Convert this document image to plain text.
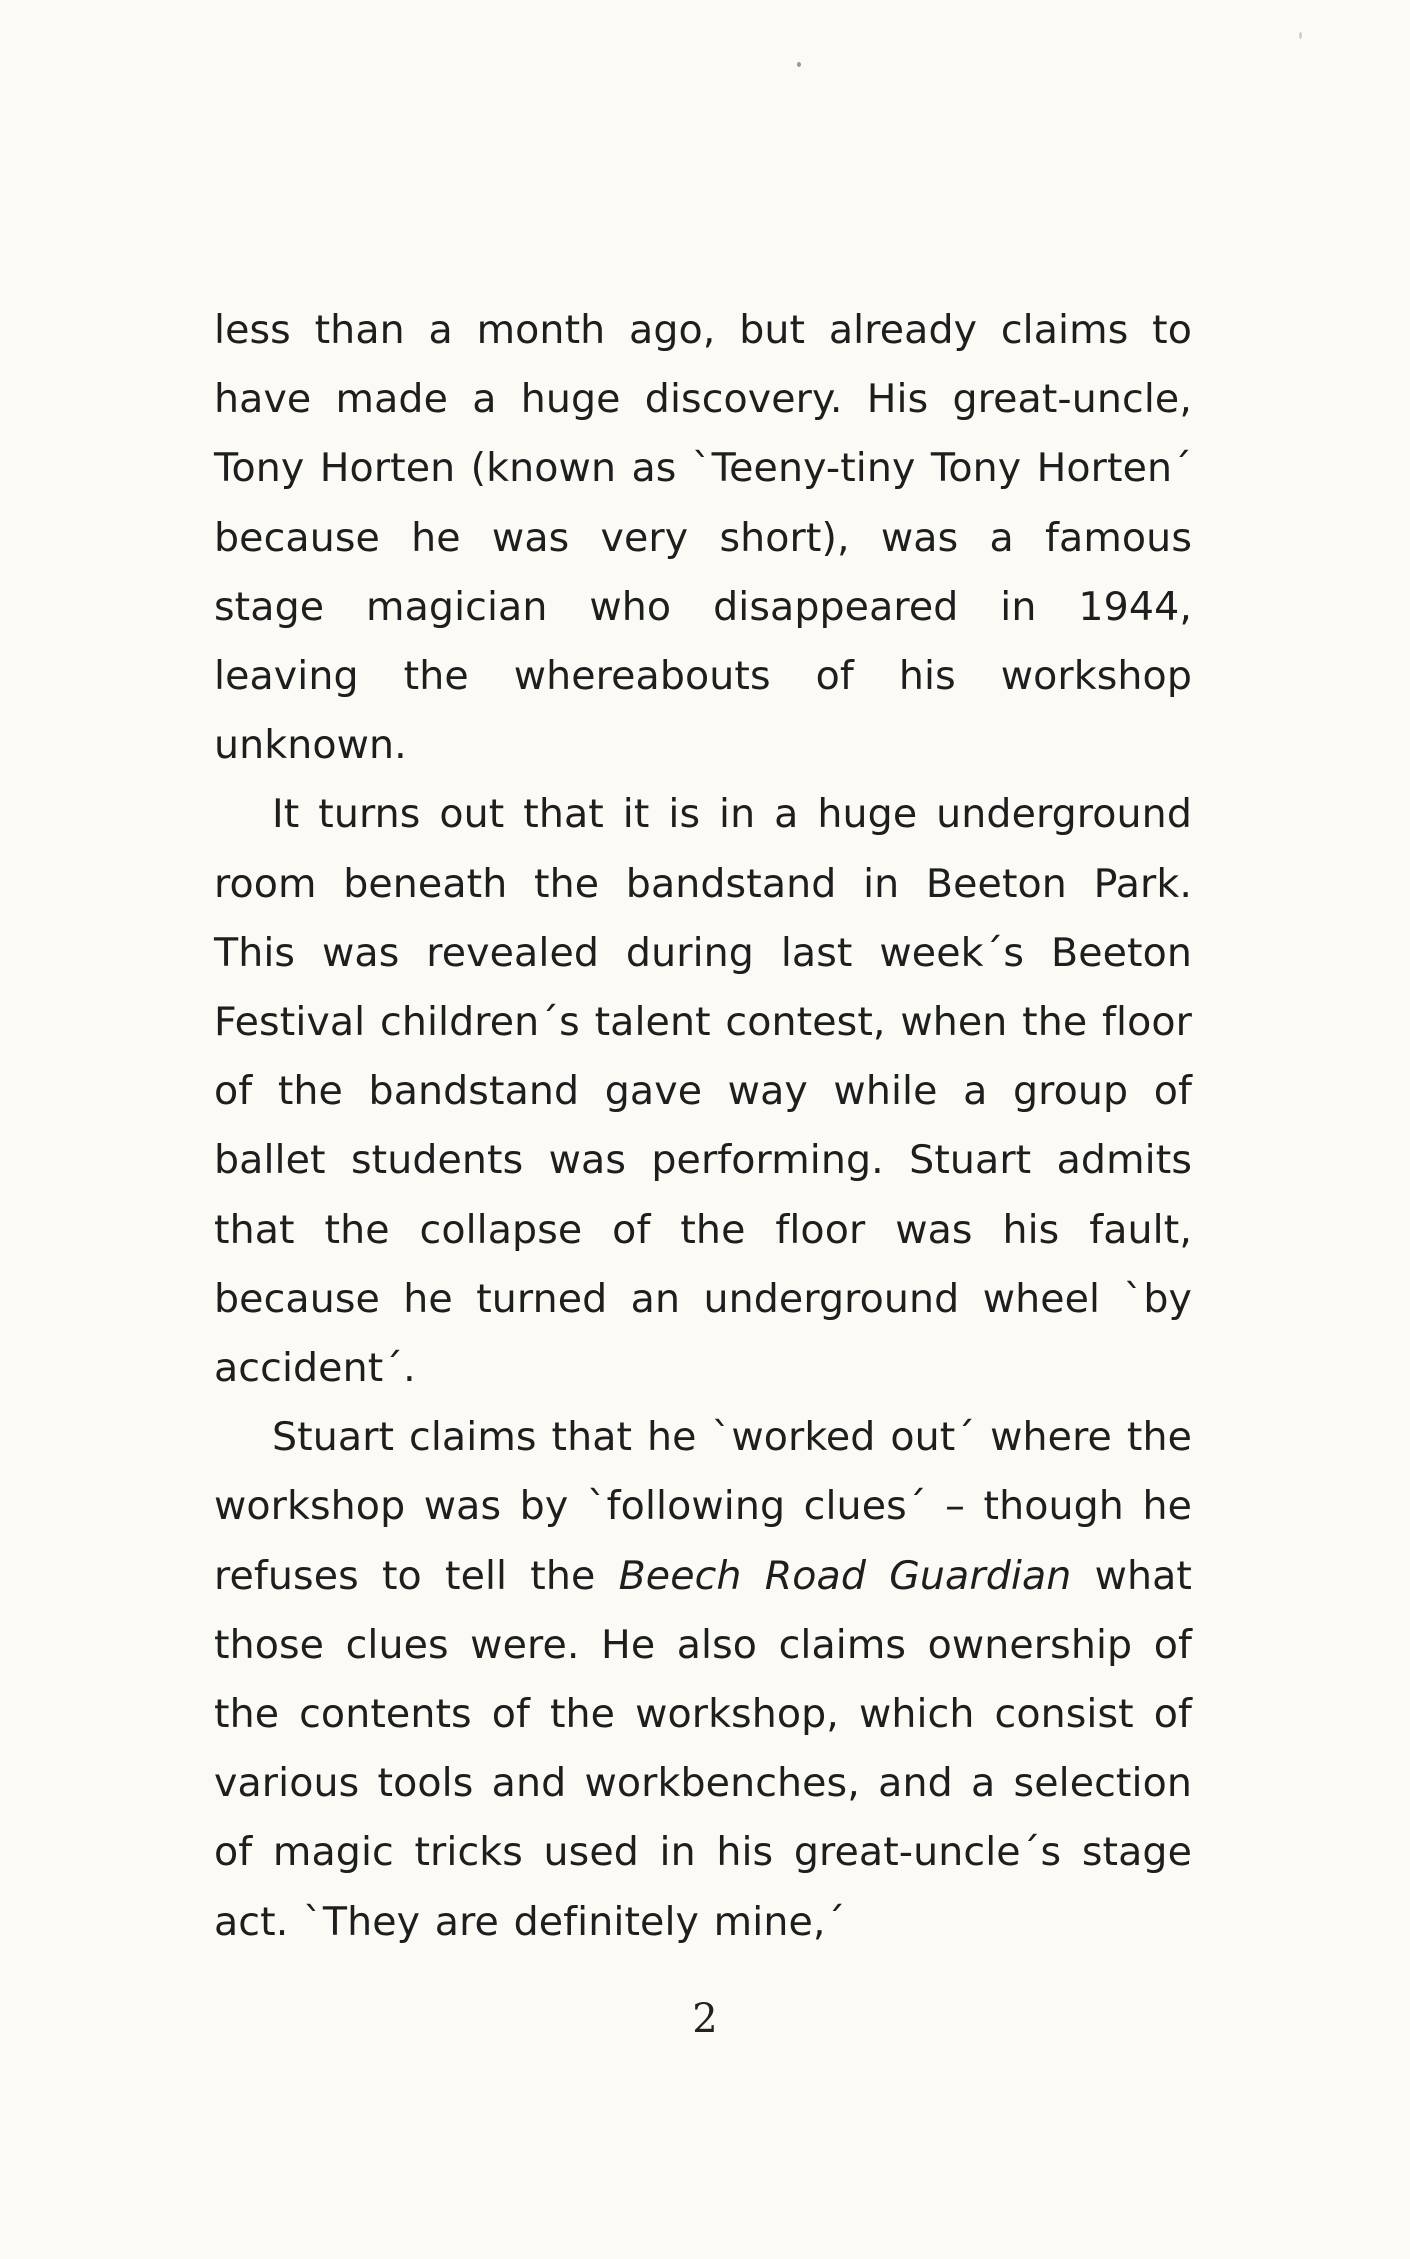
less than a month ago, but already claims to have made a huge discovery. His great-uncle, Tony Horten (known as `Teeny-tiny Tony Horten´ because he was very short), was a famous stage magician who disappeared in 1944, leaving the whereabouts of his workshop unknown.

It turns out that it is in a huge underground room beneath the bandstand in Beeton Park. This was revealed during last week´s Beeton Festival children´s talent contest, when the floor of the bandstand gave way while a group of ballet students was performing. Stuart admits that the collapse of the floor was his fault, because he turned an underground wheel `by accident´.

Stuart claims that he `worked out´ where the workshop was by `following clues´ – though he refuses to tell the Beech Road Guardian what those clues were. He also claims ownership of the contents of the workshop, which consist of various tools and workbenches, and a selection of magic tricks used in his great-uncle´s stage act. `They are definitely mine,´

2
